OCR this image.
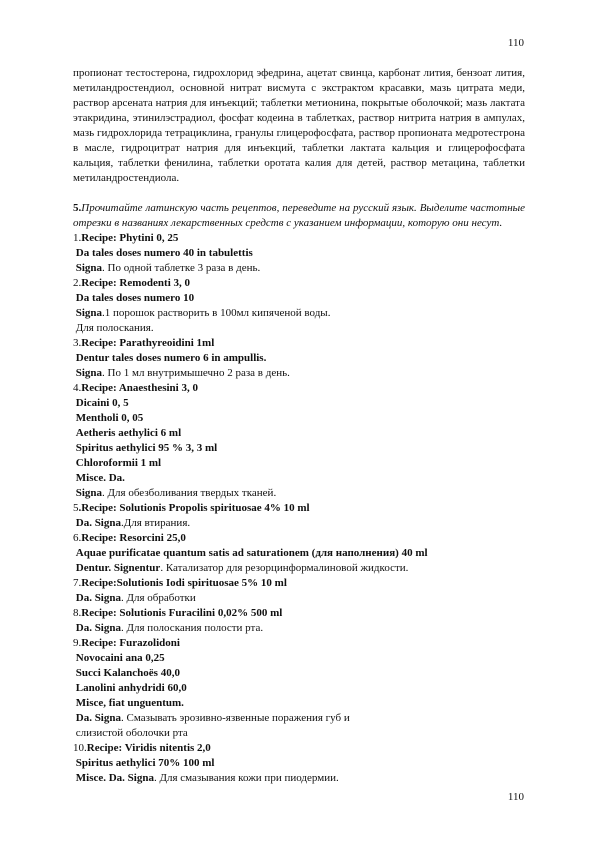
110

пропионат тестостерона, гидрохлорид эфедрина, ацетат свинца, карбонат лития, бензоат лития, метиландростендиол, основной нитрат висмута с экстрактом красавки, мазь цитрата меди, раствор арсената натрия для инъекций; таблетки метионина, покрытые оболочкой; мазь лактата этакридина, этинилэстрадиол, фосфат кодеина в таблетках, раствор нитрита натрия в ампулах, мазь гидрохлорида тетрациклина, гранулы глицерофосфата, раствор пропионата медротестрона в масле, гидроцитрат натрия для инъекций, таблетки лактата кальция и глицерофосфата кальция, таблетки фенилина, таблетки оротата калия для детей, раствор метацина, таблетки метиландростендиола.

5.Прочитайте латинскую часть рецептов, переведите на русский язык. Выделите частотные отрезки в названиях лекарственных средств с указанием информации, которую они несут.

1.Recipe: Phytini 0, 25
Da tales doses numero 40 in tabulettis
Signa. По одной таблетке 3 раза в день.
2.Recipe: Remodenti 3, 0
Da tales doses numero 10
Signa.1 порошок растворить в 100мл кипяченой воды.
Для полоскания.
3.Recipe: Parathyreoidini 1ml
Dentur tales doses numero 6 in ampullis.
Signa. По 1 мл внутримышечно 2 раза в день.
4.Recipe: Anaesthesini 3, 0
Dicaini 0, 5
Mentholi 0, 05
Aetheris aethylici 6 ml
Spiritus aethylici 95 % 3, 3 ml
Chloroformii 1 ml
Misce. Da.
Signa. Для обезболивания твердых тканей.
5.Recipe: Solutionis Propolis spirituosae 4% 10 ml
Da. Signa.Для втирания.
6.Recipe: Resorcini 25,0
Aquae purificatae quantum satis ad saturationem (для наполнения) 40 ml
Dentur. Signentur. Катализатор для резорцинформалиновой жидкости.
7.Recipe:Solutionis Iodi spirituosae 5% 10 ml
Da. Signa. Для обработки
8.Recipe: Solutionis Furacilini 0,02% 500 ml
Da. Signa. Для полоскания полости рта.
9.Recipe: Furazolidoni
Novocaini ana 0,25
Succi Kalanchoës 40,0
Lanolini anhydridi 60,0
Misce, fiat unguentum.
Da. Signa. Смазывать эрозивно-язвенные поражения губ и
слизистой оболочки рта
10.Recipe: Viridis nitentis 2,0
Spiritus aethylici 70% 100 ml
Misce. Da. Signa. Для смазывания кожи при пиодермии.
110
